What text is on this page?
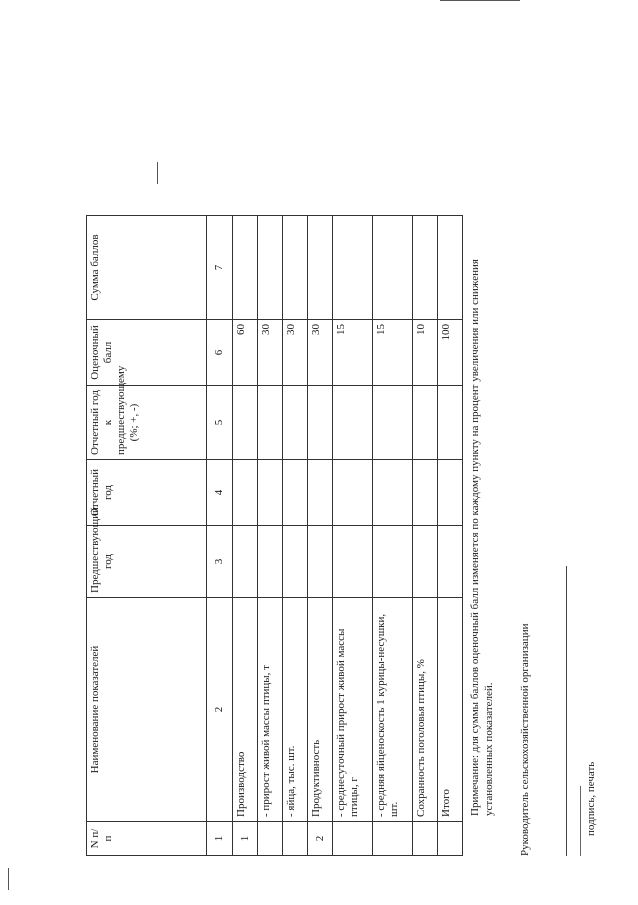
N п/п	Наименование показателей	Предшествующий год	Отчетный год	Отчетный год к предшествующему (%; +, -)	Оценочный балл	Сумма баллов
1	2	3	4	5	6	7
1	Производство				60	
	- прирост живой массы птицы, т				30	
	- яйца, тыс. шт.				30	
2	Продуктивность				30	
	- среднесуточный прирост живой массы птицы, г				15	
	- средняя яйценоскость 1 курицы-несушки, шт.				15	
	Сохранность поголовья птицы, %				10	
	Итого				100	Примечание: для суммы баллов оценочный балл изменяется по каждому пункту на процент увеличения или снижения установленных показателей. Руководитель сельскохозяйственной организации	подпись, печать
